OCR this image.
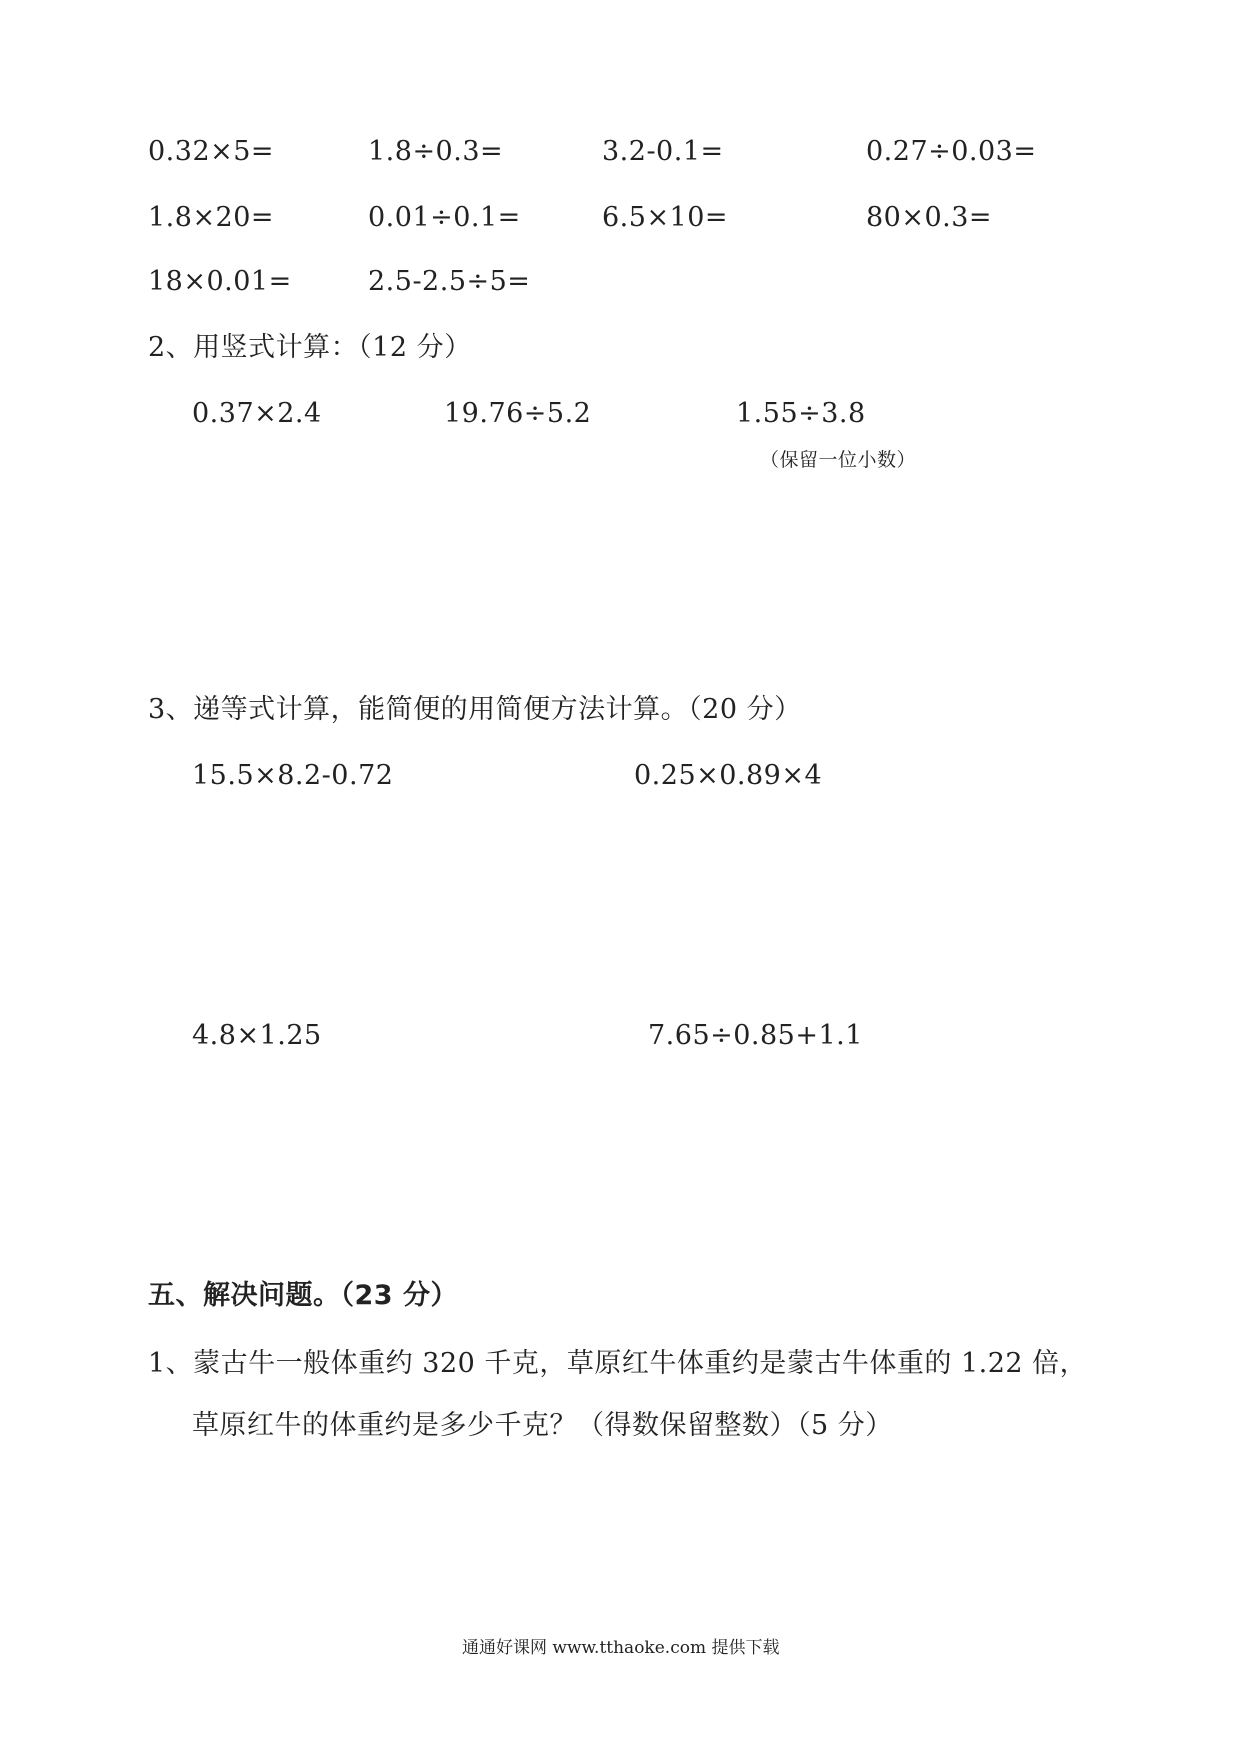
0.32×5=	1.8÷0.3=	3.2-0.1=	0.27÷0.03=
1.8×20=	0.01÷0.1=	6.5×10=	80×0.3=
18×0.01=	2.5-2.5÷5=
2、用竖式计算：（12 分）
0.37×2.4	19.76÷5.2	1.55÷3.8
（保留一位小数）
3、递等式计算，能简便的用简便方法计算。（20 分）
15.5×8.2-0.72	0.25×0.89×4
4.8×1.25	7.65÷0.85+1.1
五、解决问题。（23 分）
1、蒙古牛一般体重约 320 千克，草原红牛体重约是蒙古牛体重的 1.22 倍，
草原红牛的体重约是多少千克？（得数保留整数）（5 分）
通通好课网 www.tthaoke.com 提供下载
